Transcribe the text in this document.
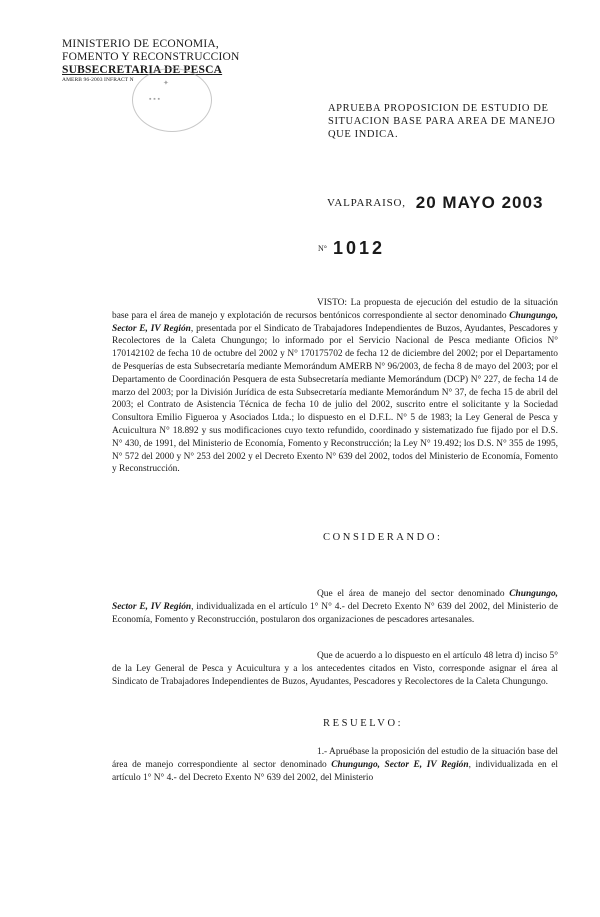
MINISTERIO DE ECONOMIA,
FOMENTO Y RECONSTRUCCION
SUBSECRETARIA DE PESCA
AMERB 96-2003 INFRACT N	✦
▪ ▪ ▪
APRUEBA PROPOSICION DE ESTUDIO DE SITUACION BASE PARA AREA DE MANEJO QUE INDICA.
VALPARAISO, 20 MAYO 2003
N° 1012
VISTO: La propuesta de ejecución del estudio de la situación base para el área de manejo y explotación de recursos bentónicos correspondiente al sector denominado Chungungo, Sector E, IV Región, presentada por el Sindicato de Trabajadores Independientes de Buzos, Ayudantes, Pescadores y Recolectores de la Caleta Chungungo; lo informado por el Servicio Nacional de Pesca mediante Oficios N° 170142102 de fecha 10 de octubre del 2002 y N° 170175702 de fecha 12 de diciembre del 2002; por el Departamento de Pesquerías de esta Subsecretaría mediante Memorándum AMERB N° 96/2003, de fecha 8 de mayo del 2003; por el Departamento de Coordinación Pesquera de esta Subsecretaría mediante Memorándum (DCP) N° 227, de fecha 14 de marzo del 2003; por la División Jurídica de esta Subsecretaría mediante Memorándum N° 37, de fecha 15 de abril del 2003; el Contrato de Asistencia Técnica de fecha 10 de julio del 2002, suscrito entre el solicitante y la Sociedad Consultora Emilio Figueroa y Asociados Ltda.; lo dispuesto en el D.F.L. N° 5 de 1983; la Ley General de Pesca y Acuicultura N° 18.892 y sus modificaciones cuyo texto refundido, coordinado y sistematizado fue fijado por el D.S. N° 430, de 1991, del Ministerio de Economía, Fomento y Reconstrucción; la Ley N° 19.492; los D.S. N° 355 de 1995, N° 572 del 2000 y N° 253 del 2002 y el Decreto Exento N° 639 del 2002, todos del Ministerio de Economía, Fomento y Reconstrucción.
CONSIDERANDO:
Que el área de manejo del sector denominado Chungungo, Sector E, IV Región, individualizada en el artículo 1° N° 4.- del Decreto Exento N° 639 del 2002, del Ministerio de Economía, Fomento y Reconstrucción, postularon dos organizaciones de pescadores artesanales.
Que de acuerdo a lo dispuesto en el artículo 48 letra d) inciso 5° de la Ley General de Pesca y Acuicultura y a los antecedentes citados en Visto, corresponde asignar el área al Sindicato de Trabajadores Independientes de Buzos, Ayudantes, Pescadores y Recolectores de la Caleta Chungungo.
RESUELVO:
1.- Apruébase la proposición del estudio de la situación base del área de manejo correspondiente al sector denominado Chungungo, Sector E, IV Región, individualizada en el artículo 1° N° 4.- del Decreto Exento N° 639 del 2002, del Ministerio
